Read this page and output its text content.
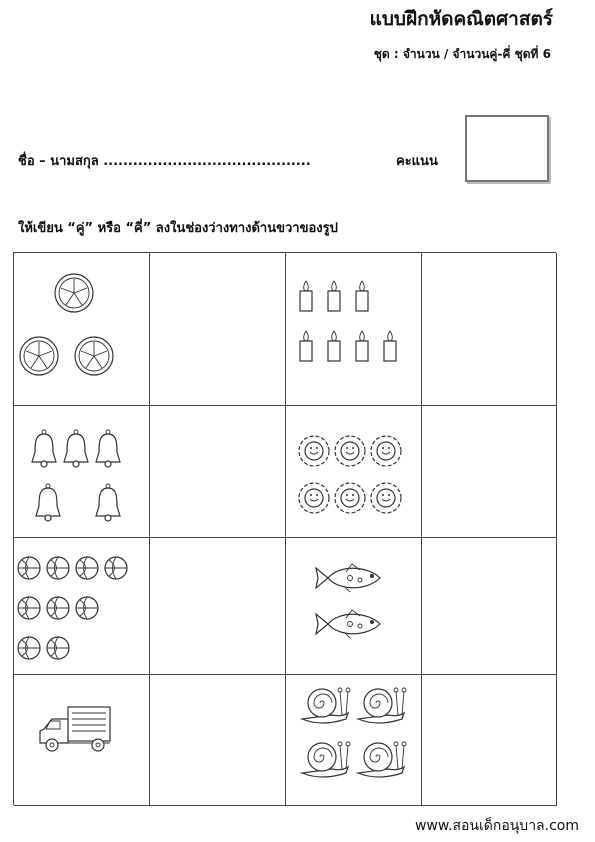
แบบฝึกหัดคณิตศาสตร์
ชุด : จำนวน / จำนวนคู่-คี่ ชุดที่ 6
ชื่อ – นามสกุล ..........................................	คะแนน
ให้เขียน “คู่” หรือ “คี่” ลงในช่องว่างทางด้านขวาของรูป
www.สอนเด็กอนุบาล.com
